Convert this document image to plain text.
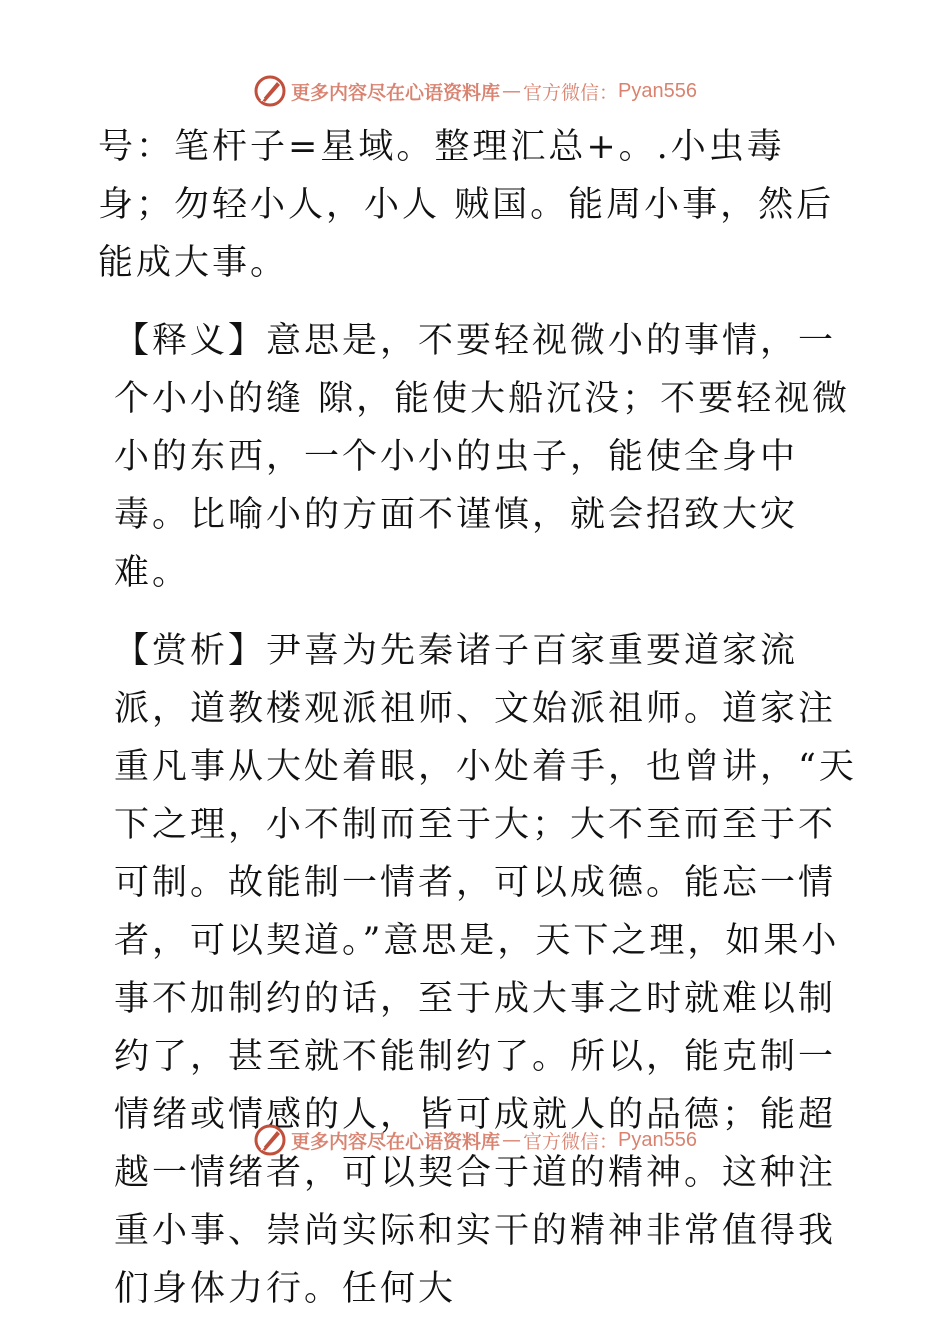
更多内容尽在心语资料库 — 官方微信： Pyan556

号：笔杆子=星域。整理汇总+。.小虫毒身；勿轻小人，小人 贼国。能周小事，然后能成大事。

【释义】意思是，不要轻视微小的事情，一个小小的缝 隙，能使大船沉没；不要轻视微小的东西，一个小小的虫子，能使全身中毒。比喻小的方面不谨慎，就会招致大灾难。

【赏析】尹喜为先秦诸子百家重要道家流派，道教楼观派祖师、文始派祖师。道家注重凡事从大处着眼，小处着手，也曾讲，“天下之理，小不制而至于大；大不至而至于不可制。故能制一情者，可以成德。能忘一情者，可以契道。”意思是，天下之理，如果小事不加制约的话，至于成大事之时就难以制约了，甚至就不能制约了。所以，能克制一情绪或情感的人，皆可成就人的品德；能超越一情绪者，可以契合于道的精神。这种注重小事、崇尚实际和实干的精神非常值得我们身体力行。任何大

更多内容尽在心语资料库 — 官方微信： Pyan556
